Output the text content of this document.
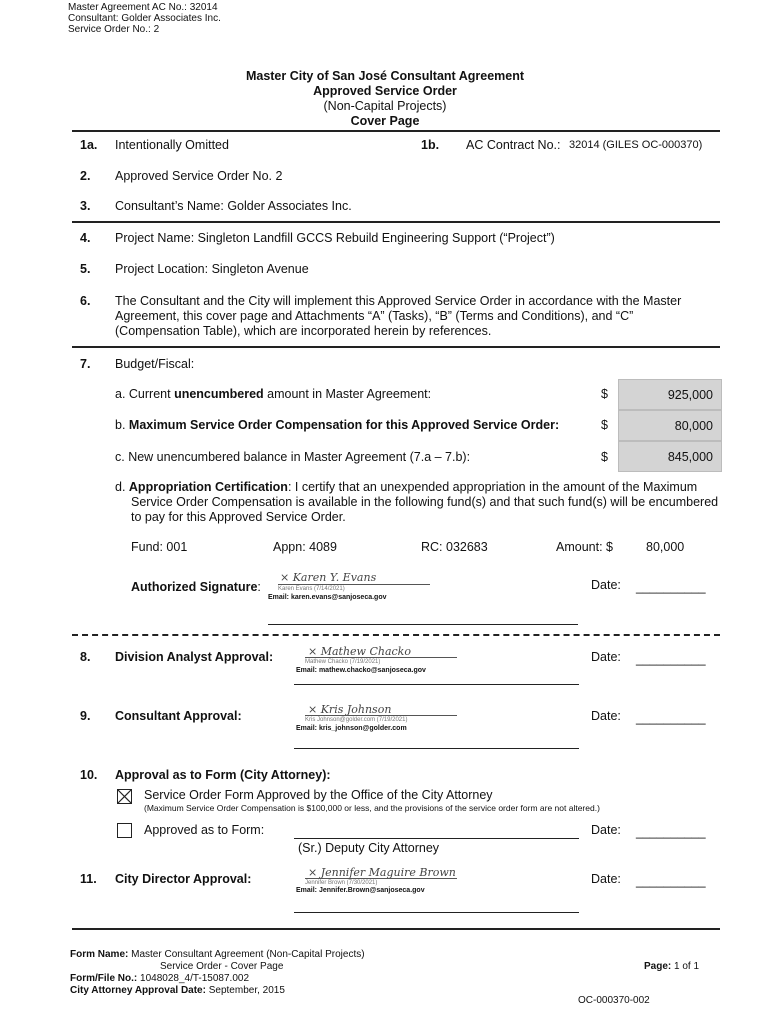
Master Agreement AC No.: 32014
Consultant: Golder Associates Inc.
Service Order No.: 2
Master City of San José Consultant Agreement
Approved Service Order
(Non-Capital Projects)
Cover Page
1a. Intentionally Omitted	1b. AC Contract No.: 32014 (GILES OC-000370)
2. Approved Service Order No. 2
3. Consultant’s Name: Golder Associates Inc.
4. Project Name: Singleton Landfill GCCS Rebuild Engineering Support (“Project”)
5. Project Location: Singleton Avenue
6. The Consultant and the City will implement this Approved Service Order in accordance with the Master Agreement, this cover page and Attachments “A” (Tasks), “B” (Terms and Conditions), and “C” (Compensation Table), which are incorporated herein by references.
7. Budget/Fiscal:
a. Current unencumbered amount in Master Agreement:	$	925,000
b. Maximum Service Order Compensation for this Approved Service Order:	$	80,000
c. New unencumbered balance in Master Agreement (7.a – 7.b):	$	845,000
d. Appropriation Certification: I certify that an unexpended appropriation in the amount of the Maximum Service Order Compensation is available in the following fund(s) and that such fund(s) will be encumbered to pay for this Approved Service Order.
Fund: 001	Appn: 4089	RC: 032683	Amount: $	80,000
Authorized Signature:
× Karen Y. Evans
Karen Evans (7/14/2021)
Email: karen.evans@sanjoseca.gov
Date: __________
8. Division Analyst Approval:	× Mathew Chacko
Mathew Chacko (7/19/2021)
Email: mathew.chacko@sanjoseca.gov
Date: __________
9. Consultant Approval:	× Kris Johnson
Kris Johnson@golder.com (7/19/2021)
Email: kris_johnson@golder.com
Date: __________
10. Approval as to Form (City Attorney):
Service Order Form Approved by the Office of the City Attorney
(Maximum Service Order Compensation is $100,000 or less, and the provisions of the service order form are not altered.)
Approved as to Form:	Date: __________
(Sr.) Deputy City Attorney
11. City Director Approval:	× Jennifer Maguire Brown
Jennifer Brown (7/30/2021)
Email: Jennifer.Brown@sanjoseca.gov
Date: __________
Form Name: Master Consultant Agreement (Non-Capital Projects)
Service Order - Cover Page
Form/File No.: 1048028_4/T-15087.002
City Attorney Approval Date: September, 2015
Page: 1 of 1
OC-000370-002
